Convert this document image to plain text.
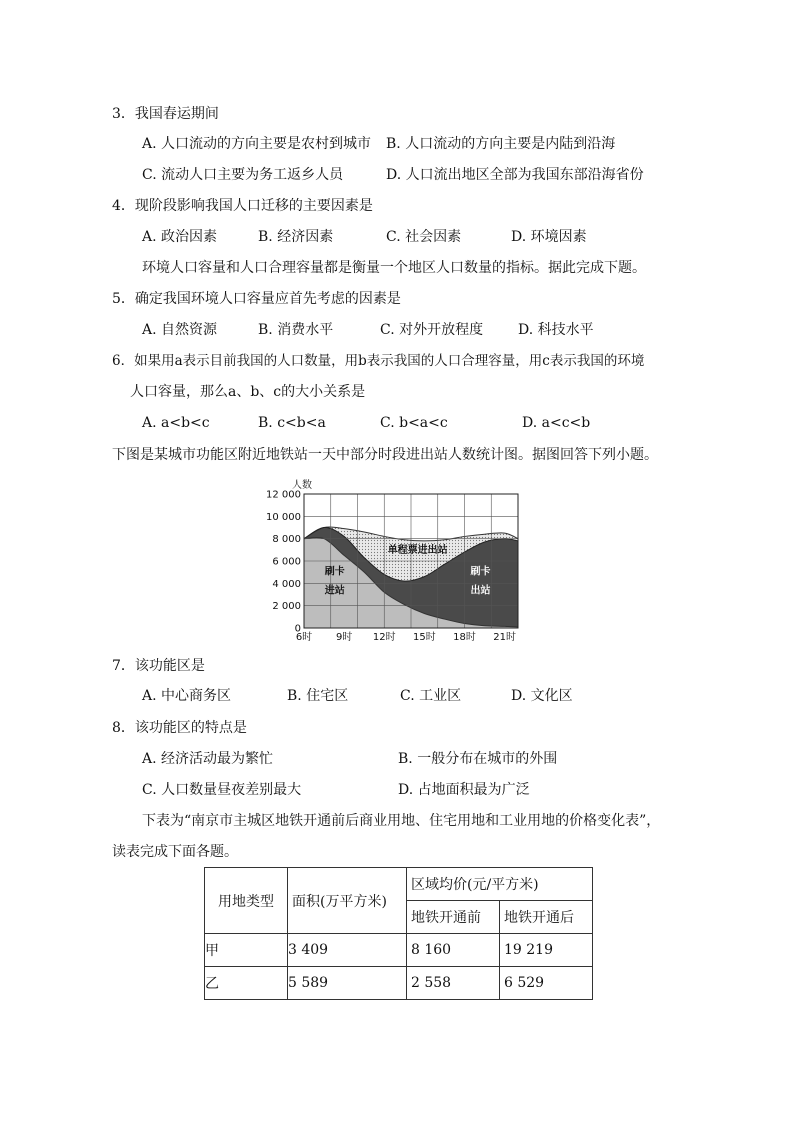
3．我国春运期间
A. 人口流动的方向主要是农村到城市 B. 人口流动的方向主要是内陆到沿海
C. 流动人口主要为务工返乡人员	D. 人口流出地区全部为我国东部沿海省份
4．现阶段影响我国人口迁移的主要因素是
A. 政治因素	B. 经济因素	C. 社会因素	D. 环境因素
环境人口容量和人口合理容量都是衡量一个地区人口数量的指标。据此完成下题。
5．确定我国环境人口容量应首先考虑的因素是
A. 自然资源	B. 消费水平	C. 对外开放程度 D. 科技水平
6．如果用a表示目前我国的人口数量，用b表示我国的人口合理容量，用c表示我国的环境
人口容量，那么a、b、c的大小关系是
A. a<b<c	B. c<b<a	C. b<a<c	D. a<c<b
下图是某城市功能区附近地铁站一天中部分时段进出站人数统计图。据图回答下列小题。
12 000
10 000
8 000
6 000
4 000
2 000
0
人数
6时 9时 12时 15时 18时 21时
刷卡
进站
刷卡
出站
单程票进出站
7．该功能区是
A. 中心商务区	B. 住宅区	C. 工业区	D. 文化区
8．该功能区的特点是
A. 经济活动最为繁忙	B. 一般分布在城市的外围
C. 人口数量昼夜差别最大	D. 占地面积最为广泛
下表为“南京市主城区地铁开通前后商业用地、住宅用地和工业用地的价格变化表”，
读表完成下面各题。
用地类型	面积(万平方米)	区域均价(元/平方米)	
		地铁开通前	地铁开通后
甲	3 409	8 160	19 219
乙	5 589	2 558	6 529
